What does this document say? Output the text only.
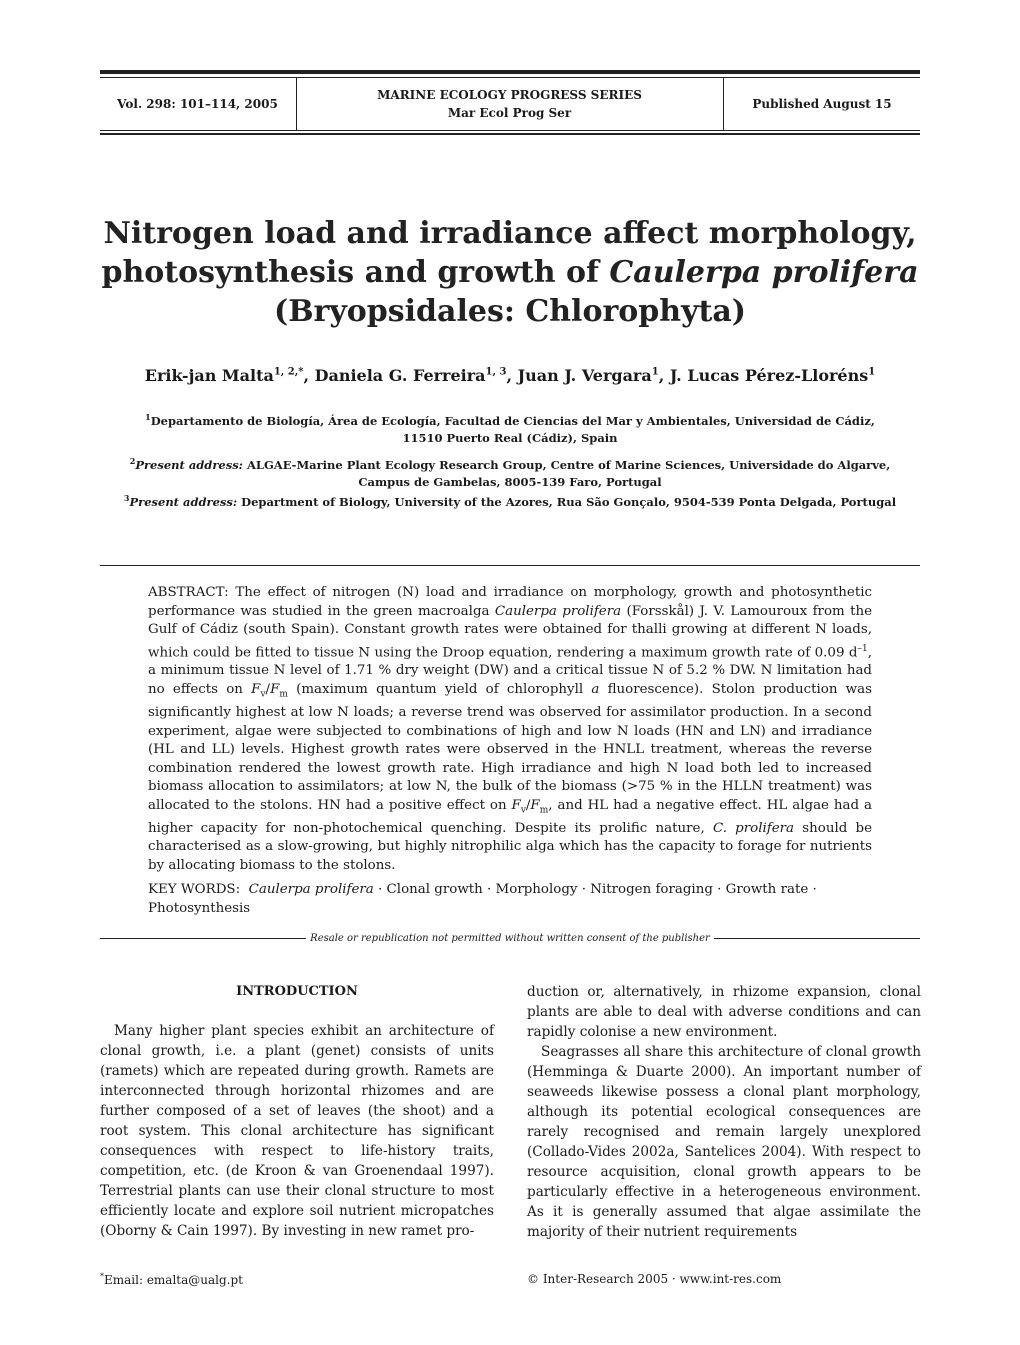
Vol. 298: 101–114, 2005
MARINE ECOLOGY PROGRESS SERIES
Mar Ecol Prog Ser
Published August 15
Nitrogen load and irradiance affect morphology,
photosynthesis and growth of Caulerpa prolifera
(Bryopsidales: Chlorophyta)
Erik-jan Malta$^{1, 2,*}$, Daniela G. Ferreira$^{1, 3}$, Juan J. Vergara$^1$, J. Lucas Pérez-Lloréns$^1$
$^1$Departamento de Biología, Área de Ecología, Facultad de Ciencias del Mar y Ambientales, Universidad de Cádiz,
11510 Puerto Real (Cádiz), Spain
$^2$Present address: ALGAE-Marine Plant Ecology Research Group, Centre of Marine Sciences, Universidade do Algarve,
Campus de Gambelas, 8005-139 Faro, Portugal
$^3$Present address: Department of Biology, University of the Azores, Rua São Gonçalo, 9504-539 Ponta Delgada, Portugal
ABSTRACT: The effect of nitrogen (N) load and irradiance on morphology, growth and photosynthetic performance was studied in the green macroalga Caulerpa prolifera (Forsskål) J. V. Lamouroux from the Gulf of Cádiz (south Spain). Constant growth rates were obtained for thalli growing at different N loads, which could be fitted to tissue N using the Droop equation, rendering a maximum growth rate of 0.09 $d^{-1}$, a minimum tissue N level of 1.71 % dry weight (DW) and a critical tissue N of 5.2 % DW. N limitation had no effects on $F_v/F_m$ (maximum quantum yield of chlorophyll a fluorescence). Stolon production was significantly highest at low N loads; a reverse trend was observed for assimilator production. In a second experiment, algae were subjected to combinations of high and low N loads (HN and LN) and irradiance (HL and LL) levels. Highest growth rates were observed in the HNLL treatment, whereas the reverse combination rendered the lowest growth rate. High irradiance and high N load both led to increased biomass allocation to assimilators; at low N, the bulk of the biomass (>75 % in the HLLN treatment) was allocated to the stolons. HN had a positive effect on $F_v/F_m$, and HL had a negative effect. HL algae had a higher capacity for non-photochemical quenching. Despite its prolific nature, C. prolifera should be characterised as a slow-growing, but highly nitrophilic alga which has the capacity to forage for nutrients by allocating biomass to the stolons.
KEY WORDS: Caulerpa prolifera · Clonal growth · Morphology · Nitrogen foraging · Growth rate · Photosynthesis
Resale or republication not permitted without written consent of the publisher
INTRODUCTION

Many higher plant species exhibit an architecture of clonal growth, i.e. a plant (genet) consists of units (ramets) which are repeated during growth. Ramets are interconnected through horizontal rhizomes and are further composed of a set of leaves (the shoot) and a root system. This clonal architecture has significant consequences with respect to life-history traits, competition, etc. (de Kroon & van Groenendaal 1997). Terrestrial plants can use their clonal structure to most efficiently locate and explore soil nutrient micropatches (Oborny & Cain 1997). By investing in new ramet pro-

duction or, alternatively, in rhizome expansion, clonal plants are able to deal with adverse conditions and can rapidly colonise a new environment.

Seagrasses all share this architecture of clonal growth (Hemminga & Duarte 2000). An important number of seaweeds likewise possess a clonal plant morphology, although its potential ecological consequences are rarely recognised and remain largely unexplored (Collado-Vides 2002a, Santelices 2004). With respect to resource acquisition, clonal growth appears to be particularly effective in a heterogeneous environment. As it is generally assumed that algae assimilate the majority of their nutrient requirements

*Email: emalta@ualg.pt	© Inter-Research 2005 · www.int-res.com
